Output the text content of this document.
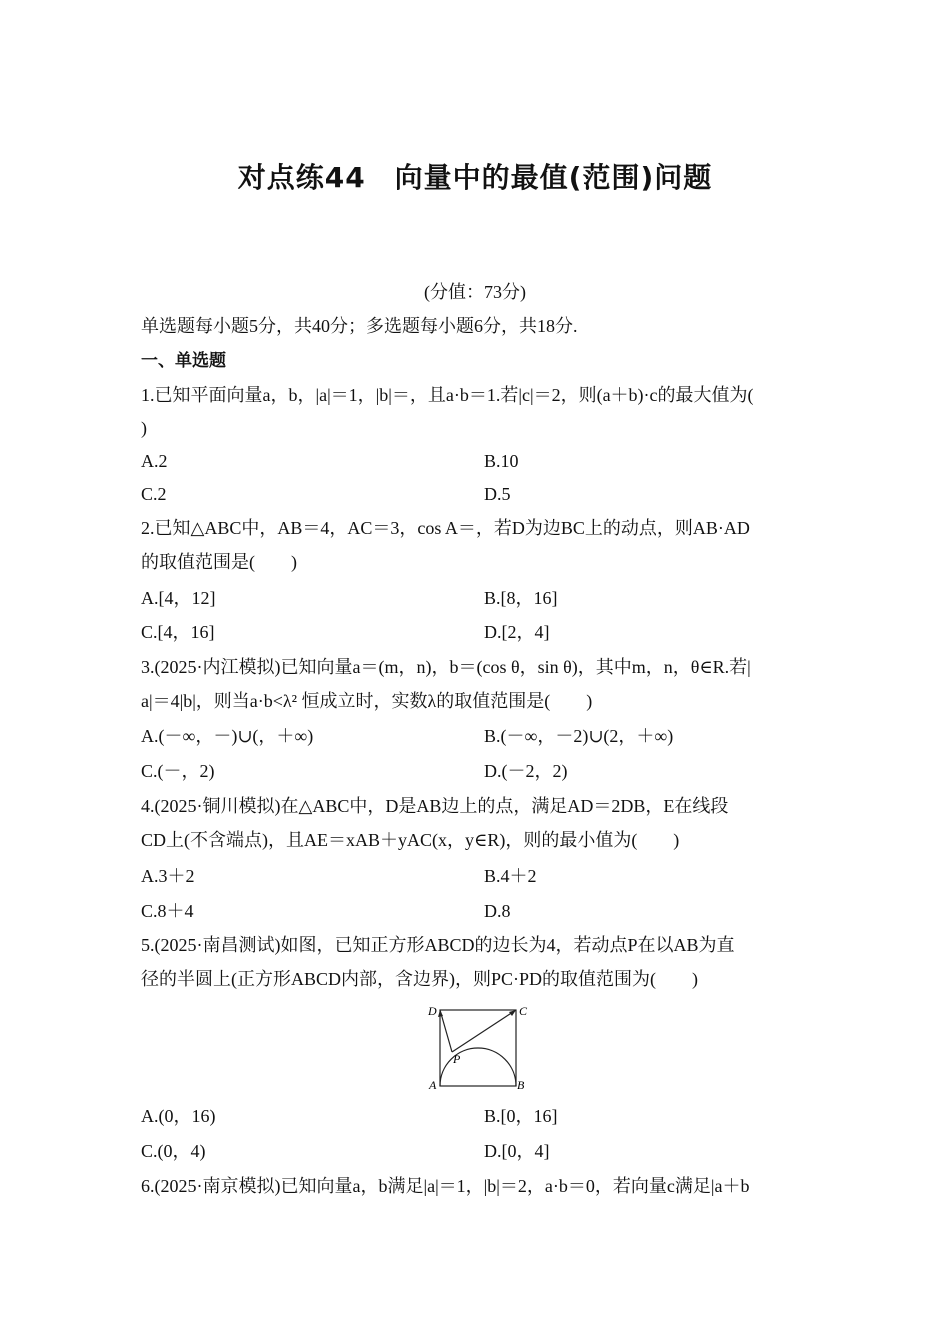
对点练44　向量中的最值(范围)问题
(分值：73分)
单选题每小题5分，共40分；多选题每小题6分，共18分.
一、单选题
1.已知平面向量a，b，|a|＝1，|b|＝，且a·b＝1.若|c|＝2，则(a＋b)·c的最大值为(
)
A.2	B.10
C.2	D.5
2.已知△ABC中，AB＝4，AC＝3，cos A＝，若D为边BC上的动点，则AB·AD
的取值范围是(　　)
A.[4，12]	B.[8，16]
C.[4，16]	D.[2，4]
3.(2025·内江模拟)已知向量a＝(m，n)，b＝(cos θ，sin θ)，其中m，n，θ∈R.若|
a|＝4|b|，则当a·b<λ² 恒成立时，实数λ的取值范围是(　　)
A.(－∞，－)∪(，＋∞)	B.(－∞，－2)∪(2，＋∞)
C.(－，2)	D.(－2，2)
4.(2025·铜川模拟)在△ABC中，D是AB边上的点，满足AD＝2DB，E在线段
CD上(不含端点)，且AE＝xAB＋yAC(x，y∈R)，则的最小值为(　　)
A.3＋2	B.4＋2
C.8＋4	D.8
5.(2025·南昌测试)如图，已知正方形ABCD的边长为4，若动点P在以AB为直
径的半圆上(正方形ABCD内部，含边界)，则PC·PD的取值范围为(　　)
D	C
P
A	B
A.(0，16)	B.[0，16]
C.(0，4)	D.[0，4]
6.(2025·南京模拟)已知向量a，b满足|a|＝1，|b|＝2，a·b＝0，若向量c满足|a＋b
